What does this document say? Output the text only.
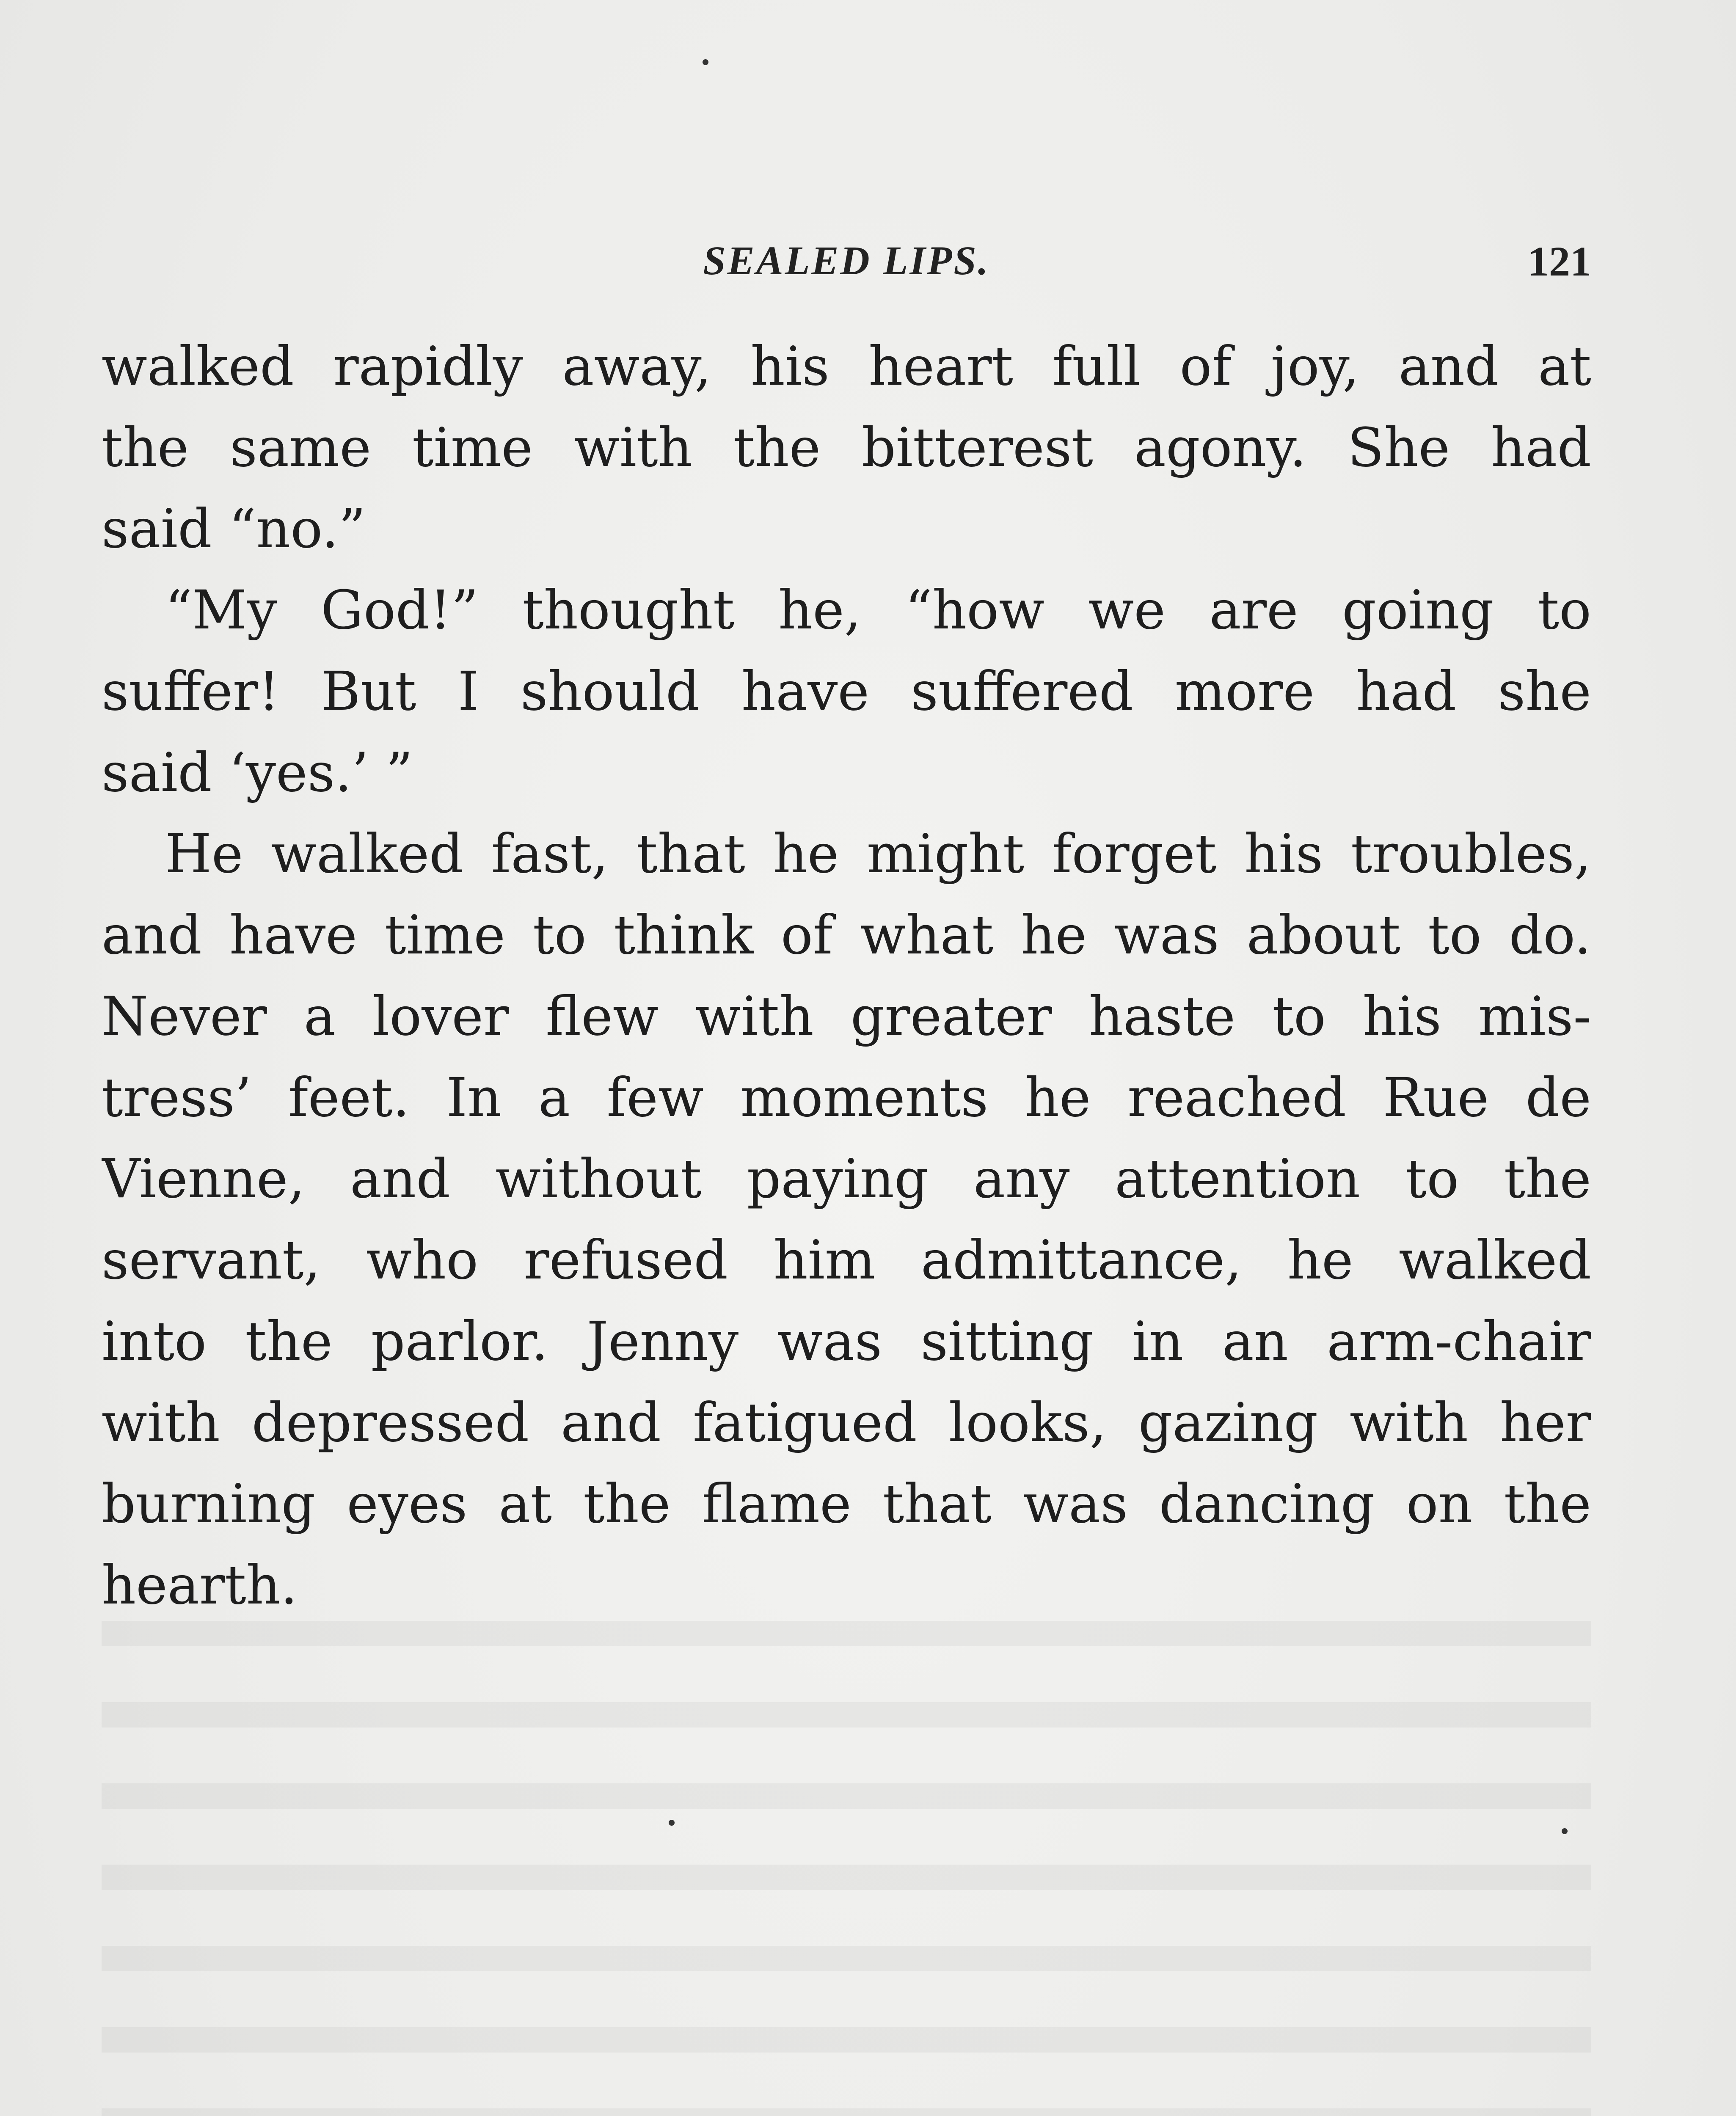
SEALED LIPS.	121
walked rapidly away, his heart full of joy, and at
the same time with the bitterest agony. She had
said “no.”
“My God!” thought he, “how we are going to
suffer! But I should have suffered more had she
said ‘yes.’ ”
He walked fast, that he might forget his troubles,
and have time to think of what he was about to do.
Never a lover flew with greater haste to his mis-
tress’ feet. In a few moments he reached Rue de
Vienne, and without paying any attention to the
servant, who refused him admittance, he walked
into the parlor. Jenny was sitting in an arm-chair
with depressed and fatigued looks, gazing with her
burning eyes at the flame that was dancing on the
hearth.
